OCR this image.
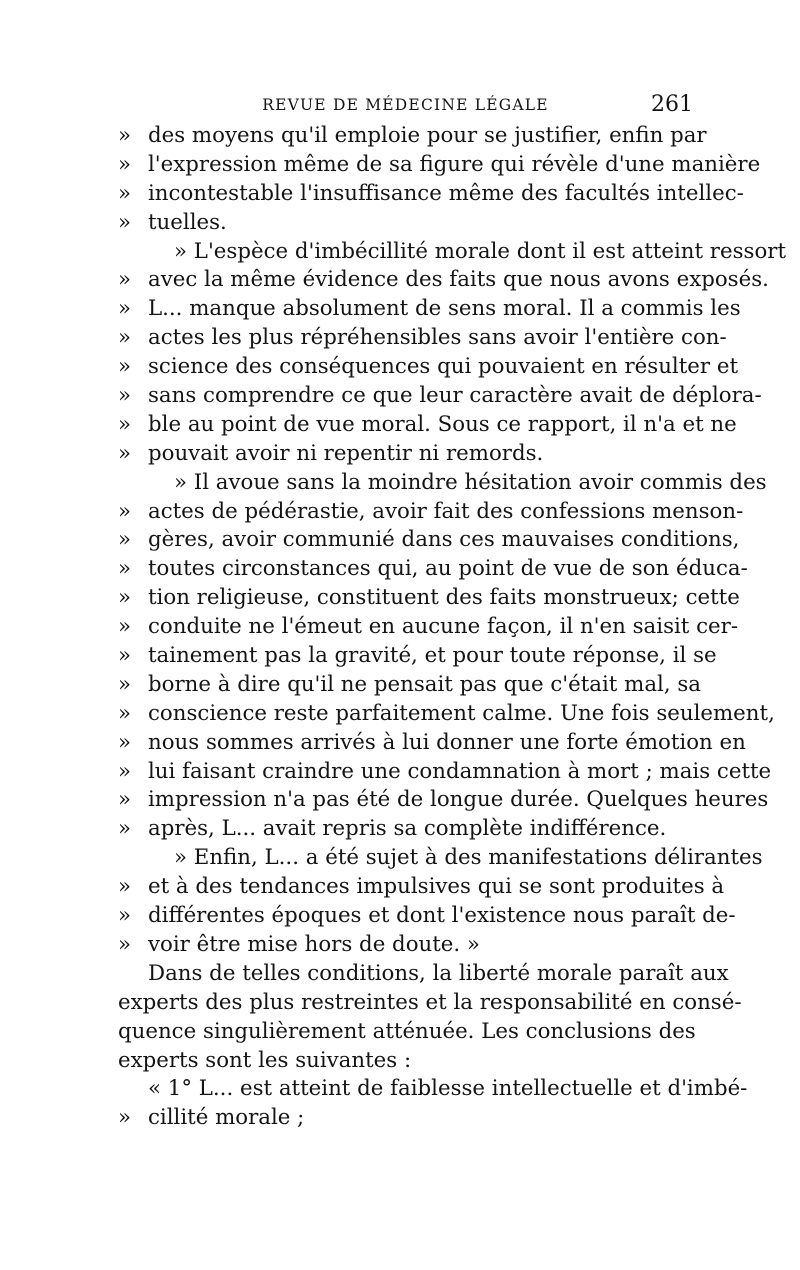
REVUE DE MÉDECINE LÉGALE	261
» des moyens qu'il emploie pour se justifier, enfin par
» l'expression même de sa figure qui révèle d'une manière
» incontestable l'insuffisance même des facultés intellec-
» tuelles.
» L'espèce d'imbécillité morale dont il est atteint ressort
» avec la même évidence des faits que nous avons exposés.
» L... manque absolument de sens moral. Il a commis les
» actes les plus répréhensibles sans avoir l'entière con-
» science des conséquences qui pouvaient en résulter et
» sans comprendre ce que leur caractère avait de déplora-
» ble au point de vue moral. Sous ce rapport, il n'a et ne
» pouvait avoir ni repentir ni remords.
» Il avoue sans la moindre hésitation avoir commis des
» actes de pédérastie, avoir fait des confessions menson-
» gères, avoir communié dans ces mauvaises conditions,
» toutes circonstances qui, au point de vue de son éduca-
» tion religieuse, constituent des faits monstrueux; cette
» conduite ne l'émeut en aucune façon, il n'en saisit cer-
» tainement pas la gravité, et pour toute réponse, il se
» borne à dire qu'il ne pensait pas que c'était mal, sa
» conscience reste parfaitement calme. Une fois seulement,
» nous sommes arrivés à lui donner une forte émotion en
» lui faisant craindre une condamnation à mort ; mais cette
» impression n'a pas été de longue durée. Quelques heures
» après, L... avait repris sa complète indifférence.
» Enfin, L... a été sujet à des manifestations délirantes
» et à des tendances impulsives qui se sont produites à
» différentes époques et dont l'existence nous paraît de-
» voir être mise hors de doute. »
Dans de telles conditions, la liberté morale paraît aux
experts des plus restreintes et la responsabilité en consé-
quence singulièrement atténuée. Les conclusions des
experts sont les suivantes :
« 1° L... est atteint de faiblesse intellectuelle et d'imbé-
» cillité morale ;
